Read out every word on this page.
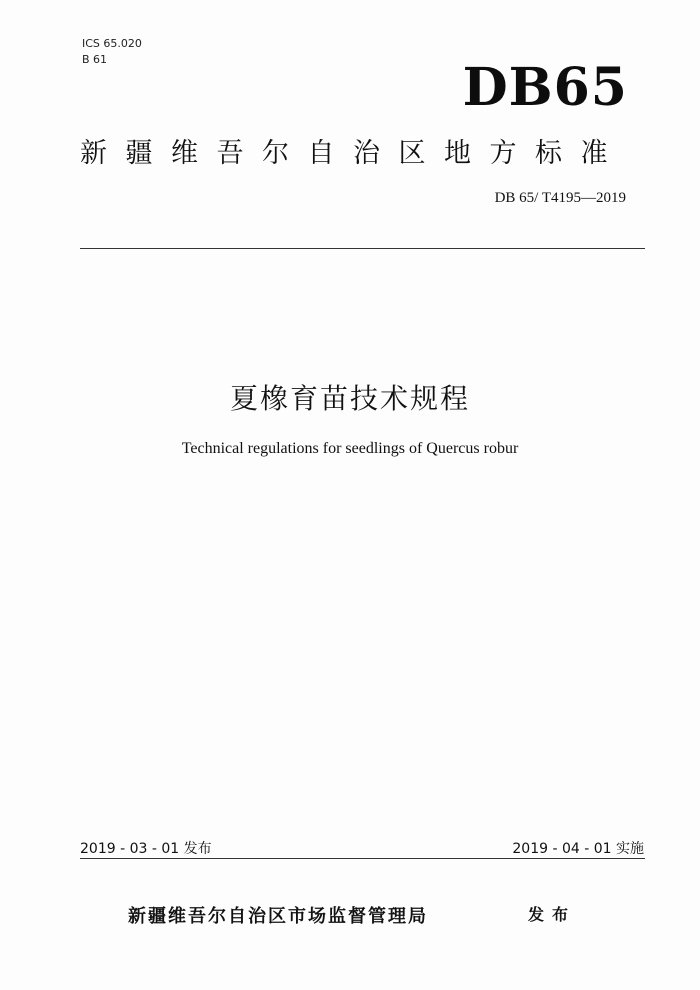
ICS 65.020
B 61	DB65
新疆维吾尔自治区地方标准
DB 65/ T4195—2019
夏橡育苗技术规程
Technical regulations for seedlings of Quercus robur
2019 - 03 - 01 发布	2019 - 04 - 01 实施
新疆维吾尔自治区市场监督管理局	发布
